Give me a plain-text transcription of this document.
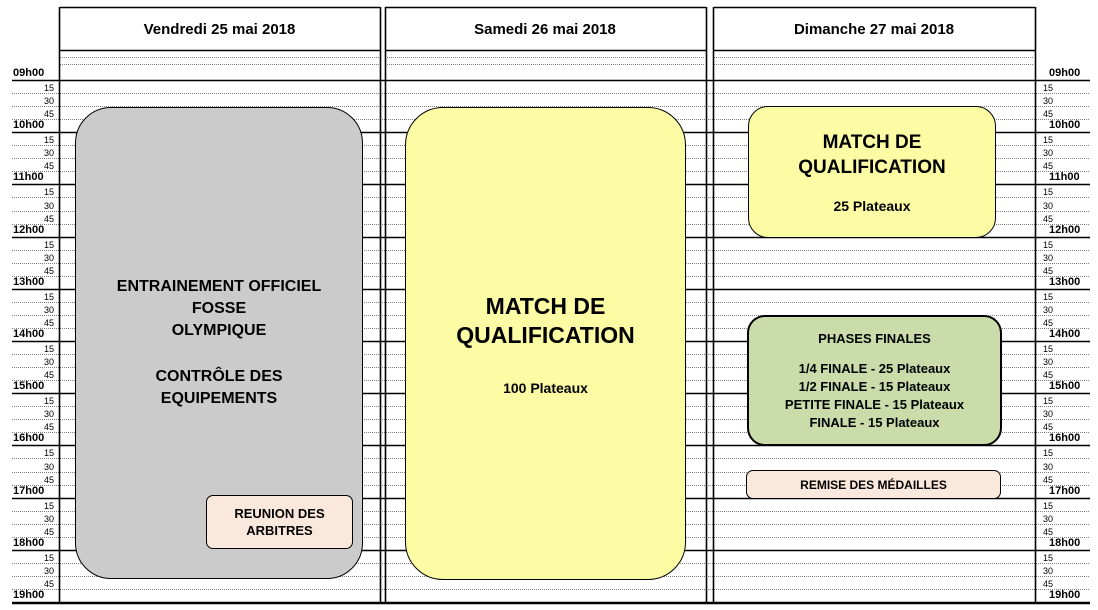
09h00	09h00
15	15
30	30
45	45
10h00	10h00
15	15
30	30
45	45
11h00	11h00
15	15
30	30
45	45
12h00	12h00
15	15
30	30
45	45
13h00	13h00
15	15
30	30
45	45
14h00	14h00
15	15
30	30
45	45
15h00	15h00
15	15
30	30
45	45
16h00	16h00
15	15
30	30
45	45
17h00	17h00
15	15
30	30
45	45
18h00	18h00
15	15
30	30
45	45
19h00	19h00
Vendredi 25 mai 2018	Samedi 26 mai 2018	Dimanche 27 mai 2018
ENTRAINEMENT OFFICIEL
FOSSE
OLYMPIQUE
CONTRÔLE DES
EQUIPEMENTS
REUNION DES
ARBITRES
MATCH DE
QUALIFICATION
100 Plateaux
MATCH DE
QUALIFICATION
25 Plateaux
PHASES FINALES
1/4 FINALE - 25 Plateaux
1/2 FINALE - 15 Plateaux
PETITE FINALE - 15 Plateaux
FINALE - 15 Plateaux
REMISE DES MÉDAILLES
